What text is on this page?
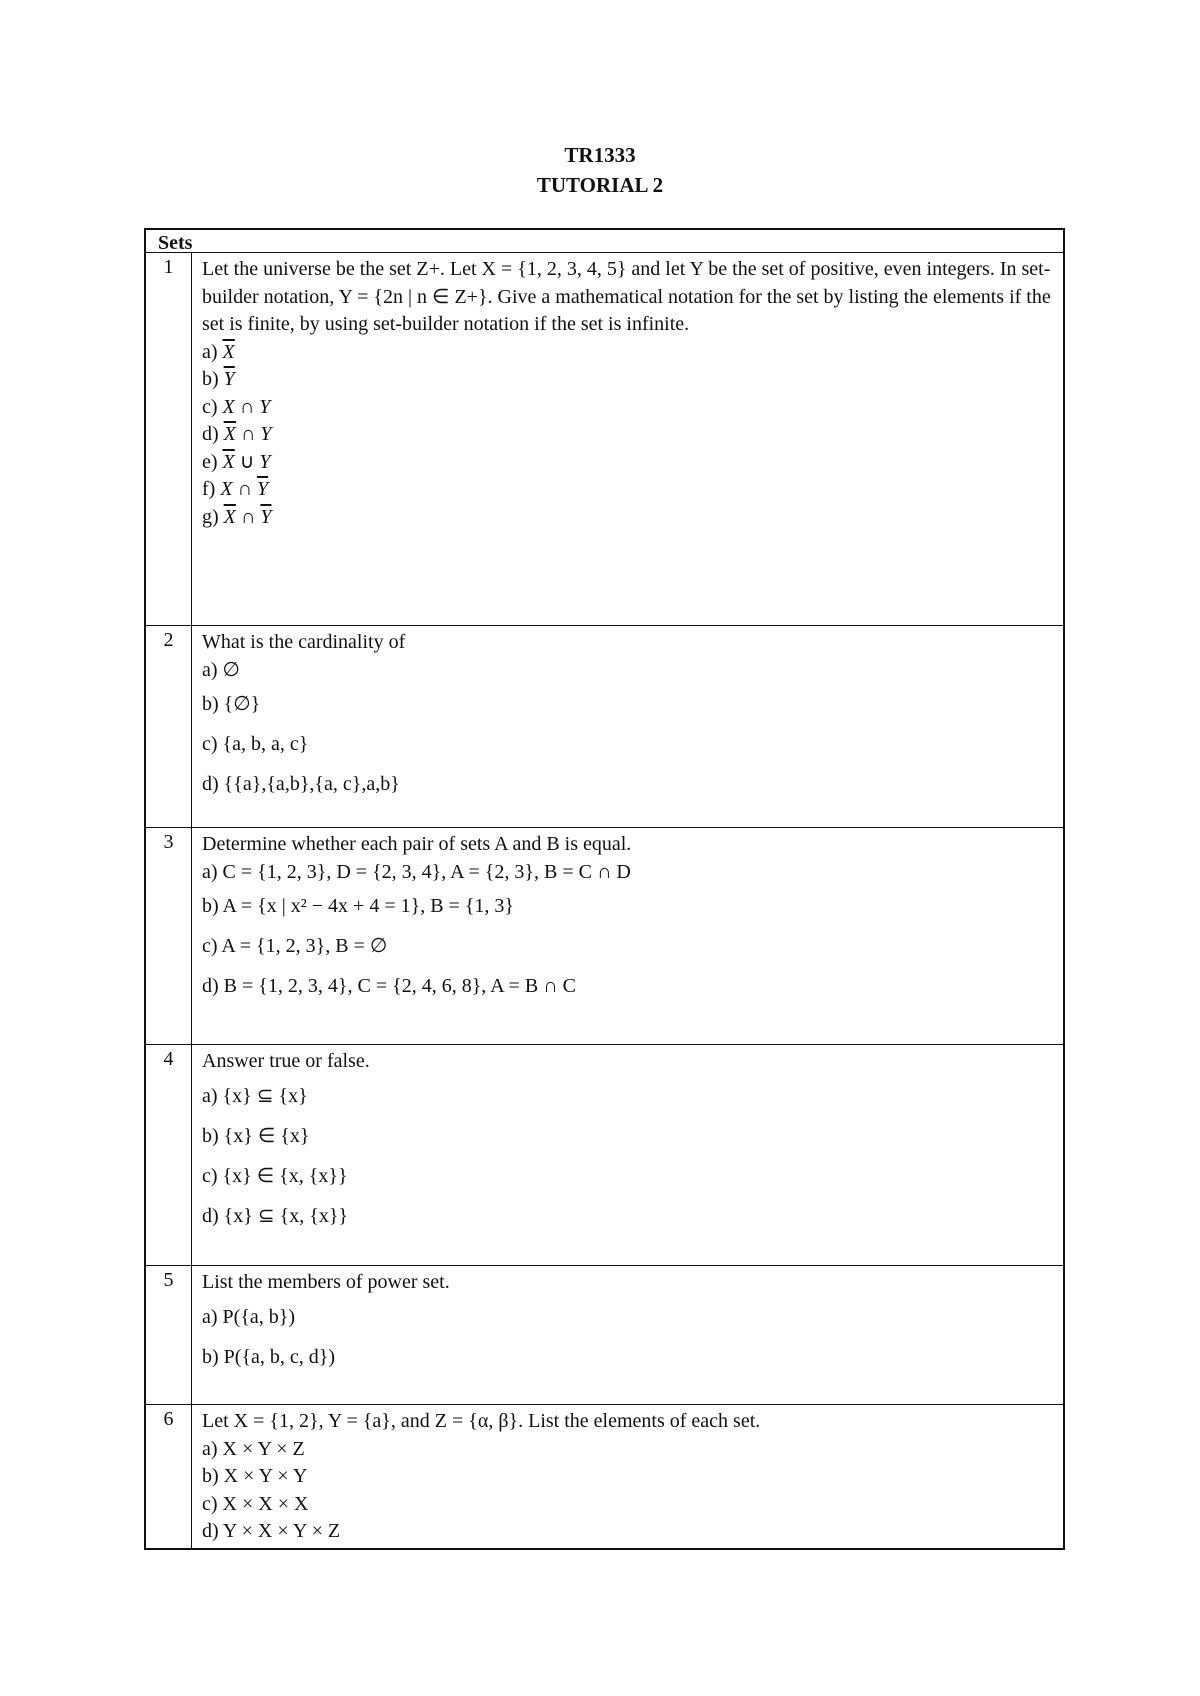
TR1333
TUTORIAL 2
Sets
1	Let the universe be the set Z+. Let X = {1, 2, 3, 4, 5} and let Y be the set of positive, even integers. In set-builder notation, Y = {2n | n ∈ Z+}. Give a mathematical notation for the set by listing the elements if the set is finite, by using set-builder notation if the set is infinite.

a) $\overline{X}$

b) $\overline{Y}$

c) X ∩ Y

d) $\overline{X}$ ∩ Y

e) $\overline{X}$ ∪ Y

f) X ∩ $\overline{Y}$

g) $\overline{X}$ ∩ $\overline{Y}$

2	What is the cardinality of

a) ∅

b) {∅}

c) {a, b, a, c}

d) {{a},{a,b},{a, c},a,b}

3	Determine whether each pair of sets A and B is equal.

a) C = {1, 2, 3}, D = {2, 3, 4}, A = {2, 3}, B = C ∩ D

b) A = {x | x² − 4x + 4 = 1}, B = {1, 3}

c) A = {1, 2, 3}, B = ∅

d) B = {1, 2, 3, 4}, C = {2, 4, 6, 8}, A = B ∩ C

4	Answer true or false.

a) {x} ⊆ {x}

b) {x} ∈ {x}

c) {x} ∈ {x, {x}}

d) {x} ⊆ {x, {x}}

5	List the members of power set.

a) P({a, b})

b) P({a, b, c, d})

6	Let X = {1, 2}, Y = {a}, and Z = {α, β}. List the elements of each set.

a) X × Y × Z

b) X × Y × Y

c) X × X × X

d) Y × X × Y × Z
